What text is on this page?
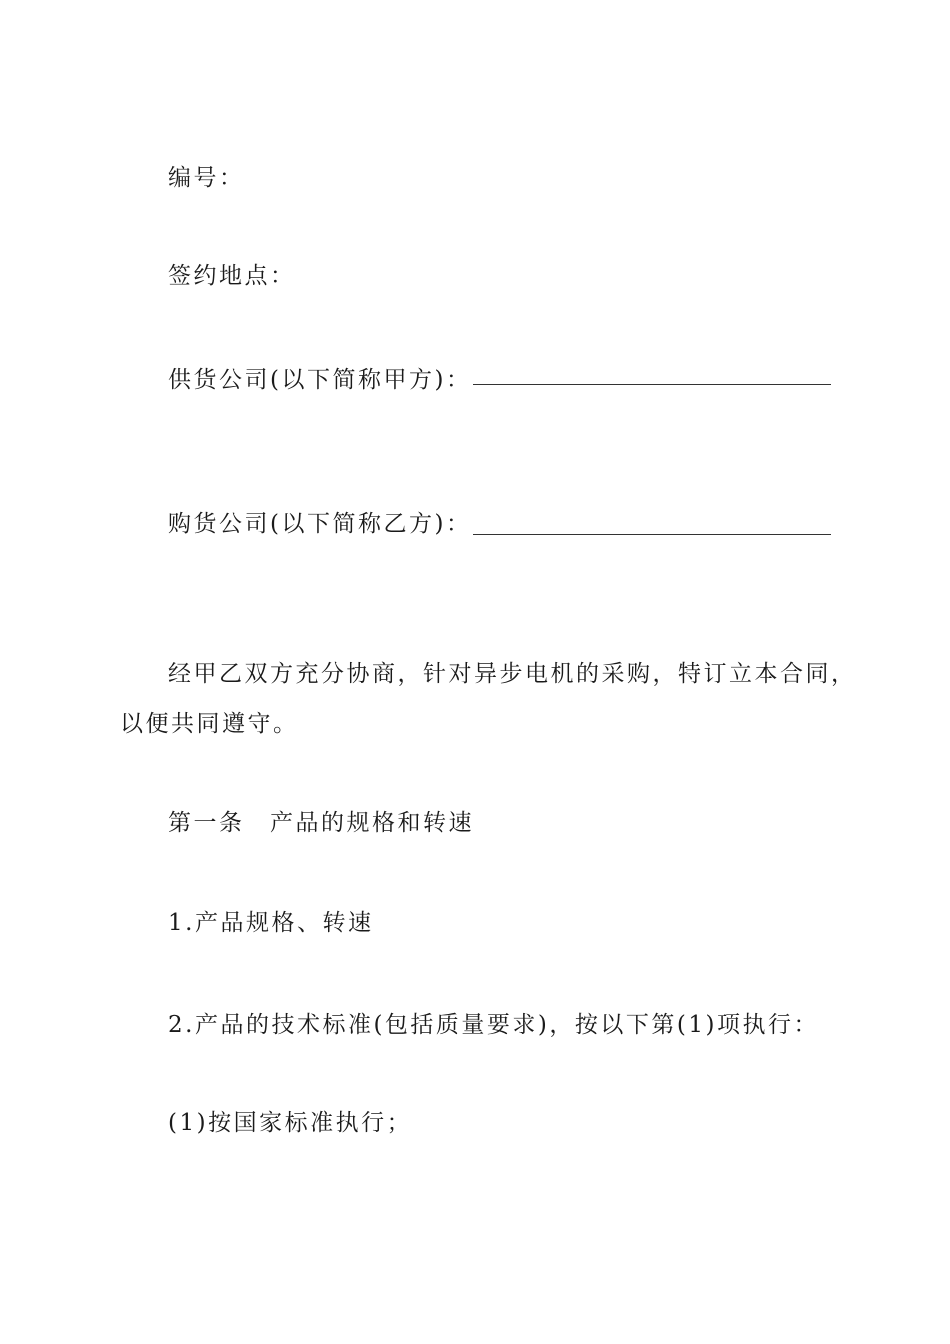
编号：
签约地点：
供货公司(以下简称甲方)：
购货公司(以下简称乙方)：
经甲乙双方充分协商，针对异步电机的采购，特订立本合同，
以便共同遵守。
第一条　产品的规格和转速
1.产品规格、转速
2.产品的技术标准(包括质量要求)，按以下第(1)项执行：
(1)按国家标准执行；
